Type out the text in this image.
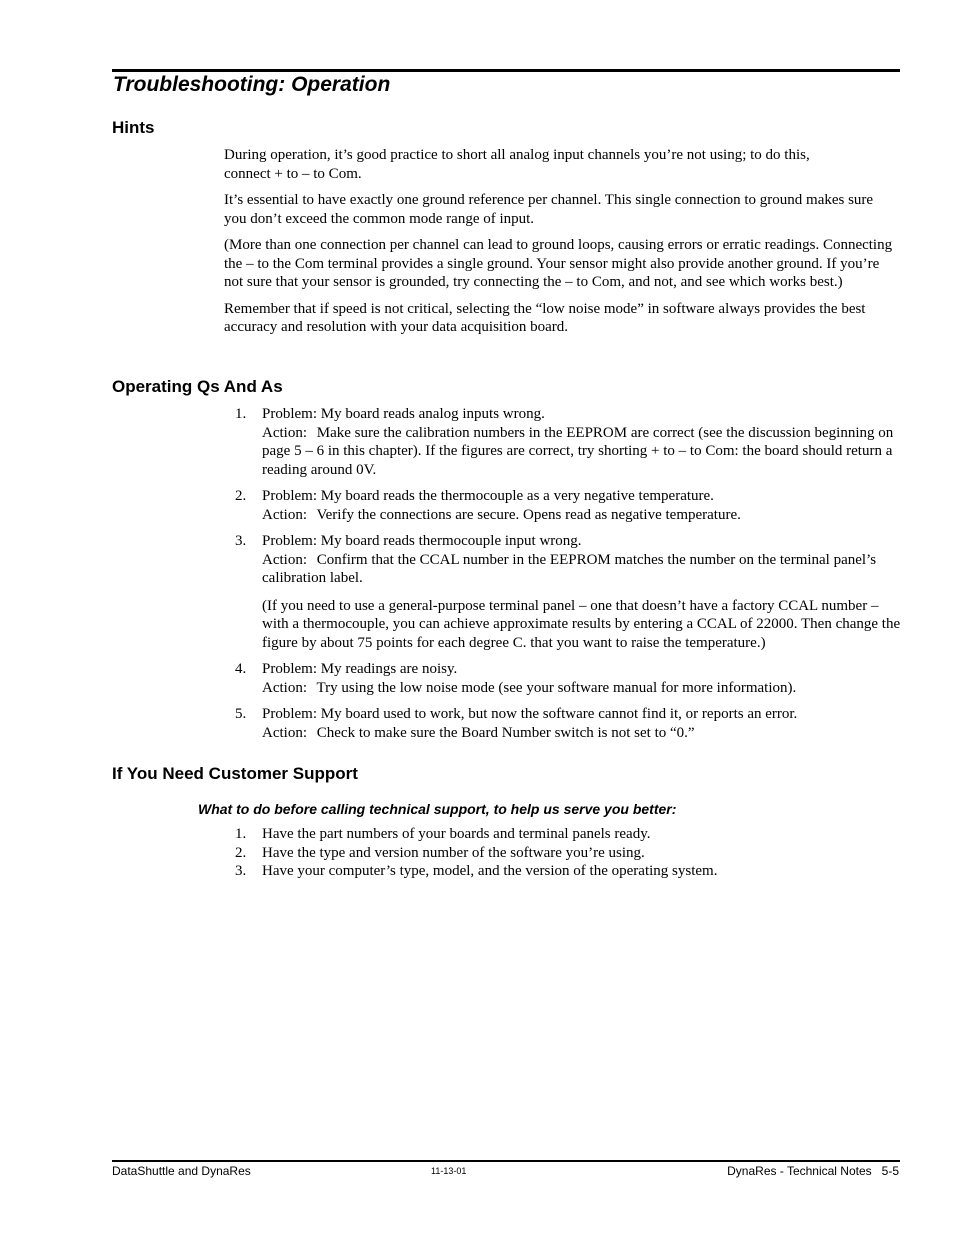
Troubleshooting: Operation
Hints

During operation, it’s good practice to short all analog input channels you’re not using; to do this,
connect + to – to Com.

It’s essential to have exactly one ground reference per channel. This single connection to ground makes sure
you don’t exceed the common mode range of input.

(More than one connection per channel can lead to ground loops, causing errors or erratic readings. Connecting the – to the Com terminal provides a single ground. Your sensor might also provide another ground. If you’re not sure that your sensor is grounded, try connecting the – to Com, and not, and see which works best.)

Remember that if speed is not critical, selecting the “low noise mode” in software always provides the best accuracy and resolution with your data acquisition board.

Operating Qs And As
1. Problem: My board reads analog inputs wrong.
Action: Make sure the calibration numbers in the EEPROM are correct (see the discussion beginning on page 5 – 6 in this chapter). If the figures are correct, try shorting + to – to Com: the board should return a reading around 0V.
2. Problem: My board reads the thermocouple as a very negative temperature.
Action: Verify the connections are secure. Opens read as negative temperature.
3. Problem: My board reads thermocouple input wrong.
Action: Confirm that the CCAL number in the EEPROM matches the number on the terminal panel’s calibration label.
(If you need to use a general-purpose terminal panel – one that doesn’t have a factory CCAL number – with a thermocouple, you can achieve approximate results by entering a CCAL of 22000. Then change the figure by about 75 points for each degree C. that you want to raise the temperature.)
4. Problem: My readings are noisy.
Action: Try using the low noise mode (see your software manual for more information).
5. Problem: My board used to work, but now the software cannot find it, or reports an error.
Action: Check to make sure the Board Number switch is not set to “0.”
If You Need Customer Support
What to do before calling technical support, to help us serve you better:
1. Have the part numbers of your boards and terminal panels ready.
2. Have the type and version number of the software you’re using.
3. Have your computer’s type, model, and the version of the operating system.
DataShuttle and DynaRes	11-13-01	DynaRes - Technical Notes   5-5
